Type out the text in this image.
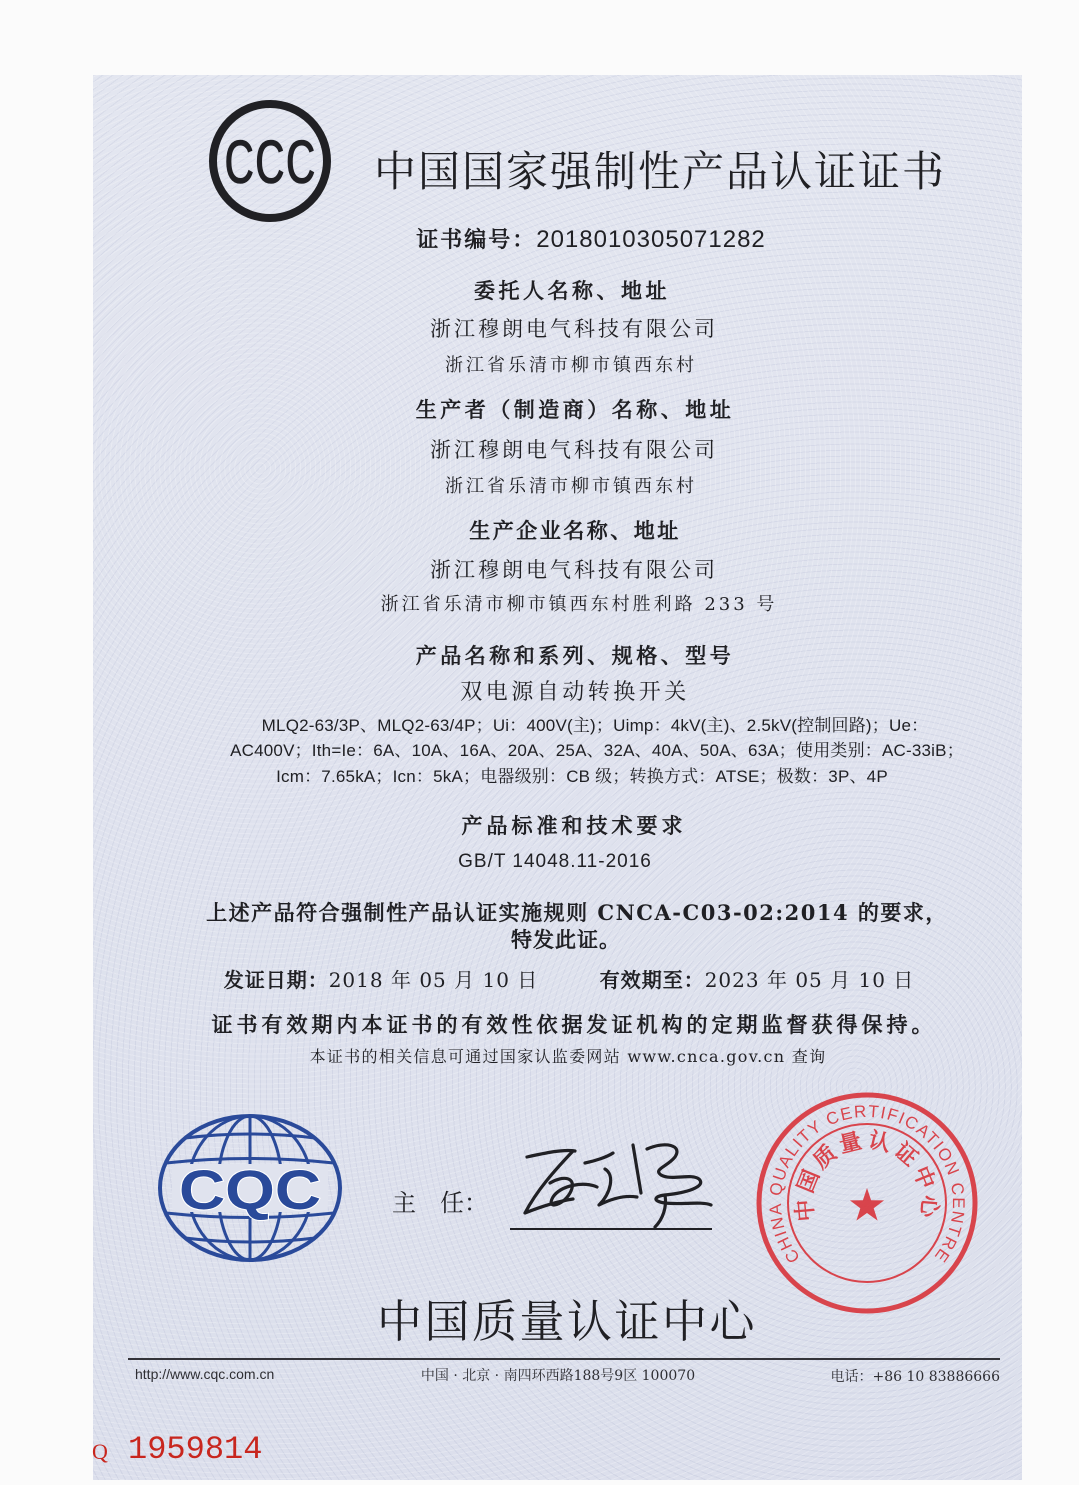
CCC	中国国家强制性产品认证证书
证书编号：2018010305071282
委托人名称、地址
浙江穆朗电气科技有限公司
浙江省乐清市柳市镇西东村
生产者（制造商）名称、地址
浙江穆朗电气科技有限公司
浙江省乐清市柳市镇西东村
生产企业名称、地址
浙江穆朗电气科技有限公司
浙江省乐清市柳市镇西东村胜利路 233 号
产品名称和系列、规格、型号
双电源自动转换开关
MLQ2-63/3P、MLQ2-63/4P；Ui：400V(主)；Uimp：4kV(主)、2.5kV(控制回路)；Ue：
AC400V；Ith=Ie：6A、10A、16A、20A、25A、32A、40A、50A、63A；使用类别：AC-33iB；
Icm：7.65kA；Icn：5kA；电器级别：CB 级；转换方式：ATSE；极数：3P、4P
产品标准和技术要求
GB/T 14048.11-2016
上述产品符合强制性产品认证实施规则 CNCA-C03-02:2014 的要求，
特发此证。
发证日期：2018 年 05 月 10 日	有效期至：2023 年 05 月 10 日
证书有效期内本证书的有效性依据发证机构的定期监督获得保持。
本证书的相关信息可通过国家认监委网站 www.cnca.gov.cn 查询
CQC	主　任：
CHINA QUALITY CERTIFICATION CENTRE
中国质量认证中心
中国质量认证中心
http://www.cqc.com.cn	中国 · 北京 · 南四环西路188号9区 100070	电话：+86 10 83886666
Q 1959814
